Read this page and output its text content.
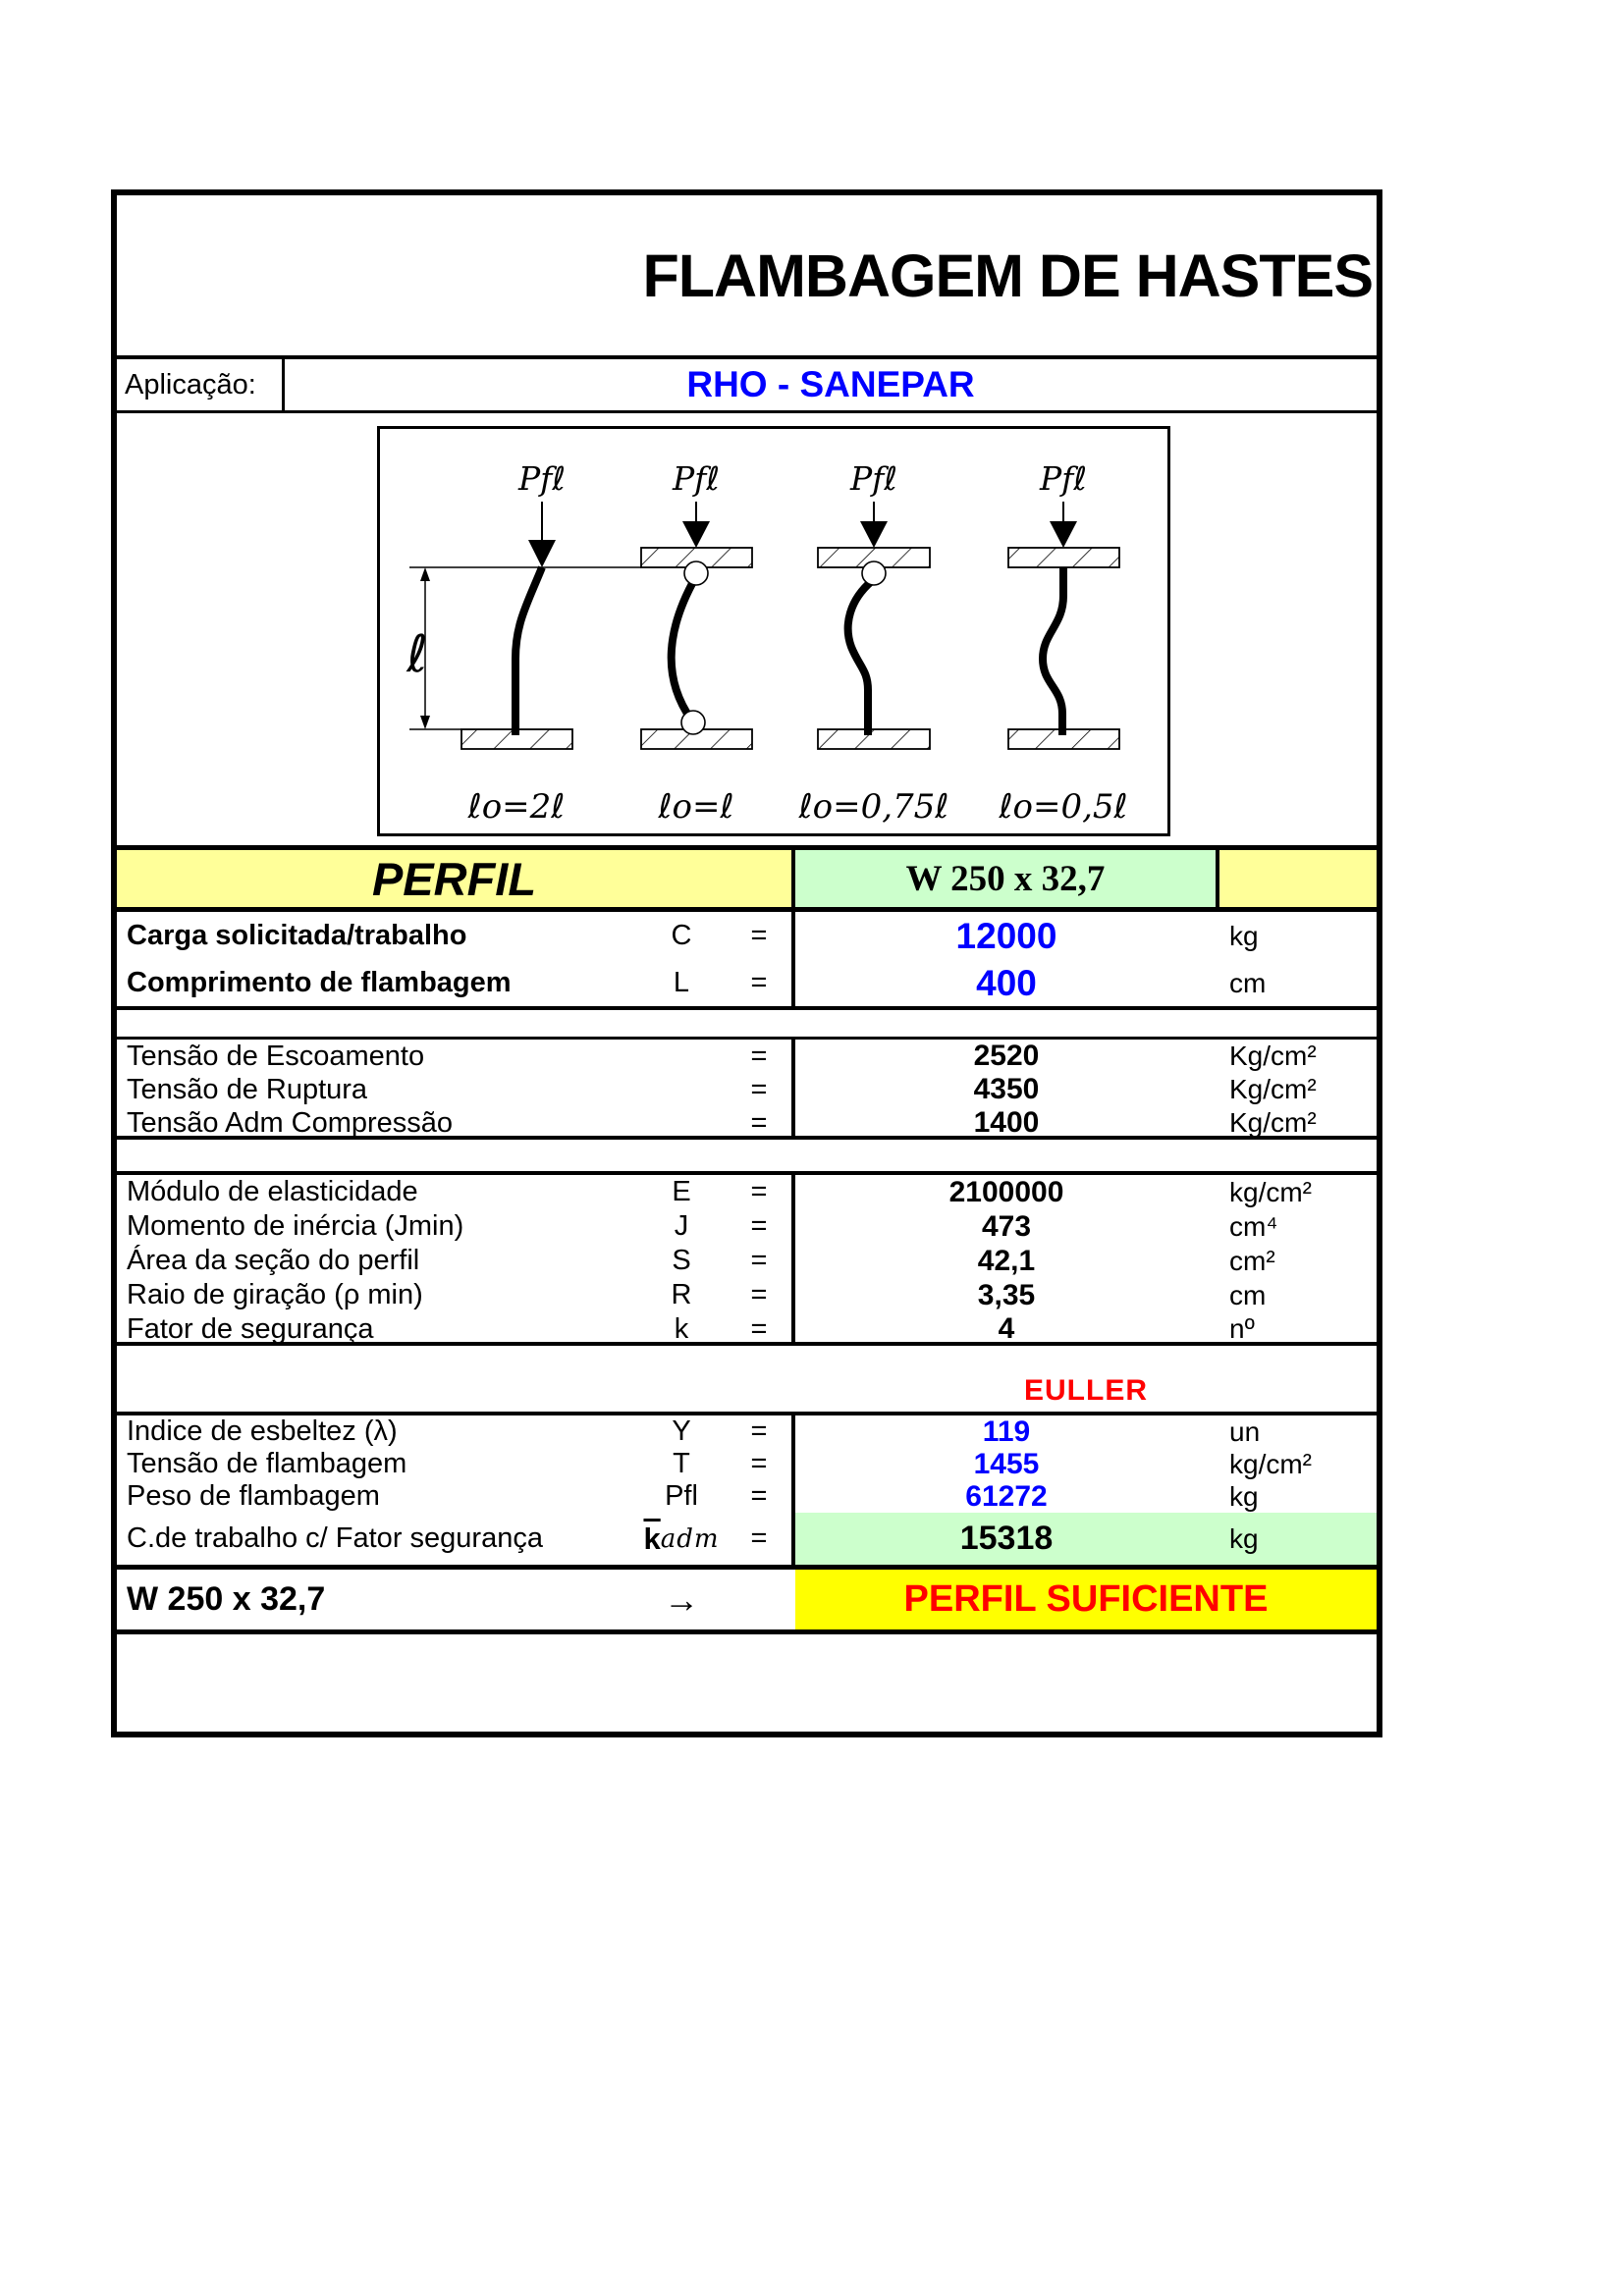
FLAMBAGEM DE HASTES
Aplicação:	RHO - SANEPAR
Pfℓ	Pfℓ	Pfℓ	Pfℓ
ℓ
ℓo=2ℓ	ℓo=ℓ ℓo=0,75ℓ ℓo=0,5ℓ
PERFIL	W 250 x 32,7
Carga solicitada/trabalho	C	=	12000	kg
Comprimento de flambagem	L	=	400	cm
Tensão de Escoamento	=	2520	Kg/cm²
Tensão de Ruptura	=	4350	Kg/cm²
Tensão Adm Compressão	=	1400	Kg/cm²
Módulo de elasticidade	E	=	2100000	kg/cm²
Momento de inércia (Jmin)	J	=	473	cm⁴
Área da seção do perfil	S	=	42,1	cm²
Raio de giração (ρ min)	R	=	3,35	cm
Fator de segurança	k	=	4	nº
EULLER
Indice de esbeltez (λ)	Y	=	119	un
Tensão de flambagem	T	=	1455	kg/cm²
Peso de flambagem	Pfl	=	61272	kg
C.de trabalho c/ Fator segurança	$\overline{k}$ adm	=	15318	kg
W 250 x 32,7	→	PERFIL SUFICIENTE
